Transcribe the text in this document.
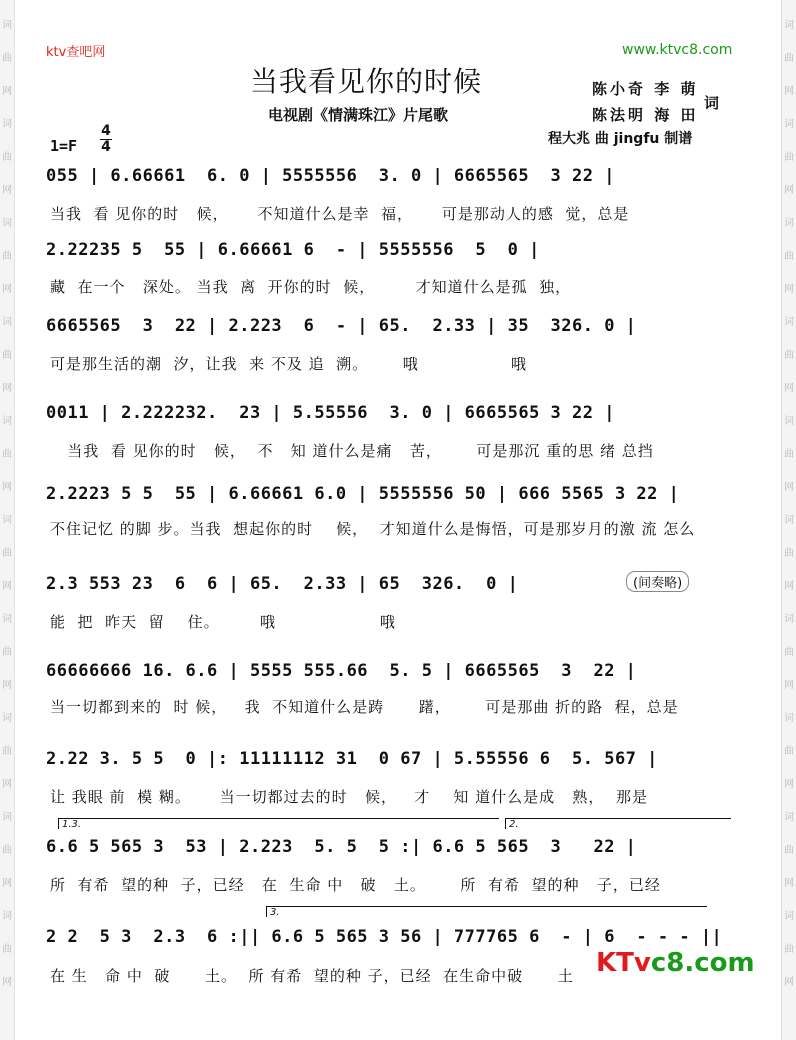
词
曲
网
词
曲
网
词
曲
网
词
曲
网
词
曲
网
词
曲
网
词
曲
网
词
曲
网
词
曲
网
词
曲
网
词
曲
网
词
曲
网
词
曲
网
词
曲
网
词
曲
网
词
曲
网
词
曲
网
词
曲
网
词
曲
网
词
曲
网
ktv查吧网	www.ktvc8.com
当我看见你的时候
电视剧《情满珠江》片尾歌
陈小奇 李 萌
陈法明 海 田
词
程大兆 曲 jingfu 制谱
1=F
4
4
055 | 6.66661  6. 0 | 5555556  3. 0 | 6665565  3 22 |
当我  看 见你的时   候，     不知道什么是幸  福，     可是那动人的感  觉，总是
2.22235 5  55 | 6.66661 6  - | 5555556  5  0 |
藏  在一个   深处。 当我  离  开你的时  候，       才知道什么是孤  独，
6665565  3  22 | 2.223  6  - | 65.  2.33 | 35  326. 0 |
可是那生活的潮  汐，让我  来 不及 追  溯。      哦                哦
0011 | 2.222232.  23 | 5.55556  3. 0 | 6665565 3 22 |
当我  看 见你的时   候，  不   知 道什么是痛   苦，      可是那沉 重的思 绪 总挡
2.2223 5 5  55 | 6.66661 6.0 | 5555556 50 | 666 5565 3 22 |
不住记忆 的脚 步。当我  想起你的时    候，  才知道什么是悔悟，可是那岁月的激 流 怎么
2.3 553 23  6  6 | 65.  2.33 | 65  326.  0 |
能  把  昨天  留    住。       哦                  哦
(间奏略)
66666666 16. 6.6 | 5555 555.66  5. 5 | 6665565  3  22 |
当一切都到来的  时 候，   我  不知道什么是踌      躇，      可是那曲 折的路  程，总是
2.22 3. 5 5  0 |: 11111112 31  0 67 | 5.55556 6  5. 567 |
让 我眼 前  模 糊。     当一切都过去的时   候，   才    知 道什么是成   熟，  那是
1.3.	2.
6.6 5 565 3  53 | 2.223  5. 5  5 :| 6.6 5 565  3   22 |
所  有希  望的种  子，已经   在  生命 中   破   土。      所  有希  望的种   子，已经
3.
2 2  5 3  2.3  6 :|| 6.6 5 565 3 56 | 777765 6  - | 6  - - - ||
在 生   命 中  破      土。  所 有希  望的种 子，已经  在生命中破      土 KTvc8.com
